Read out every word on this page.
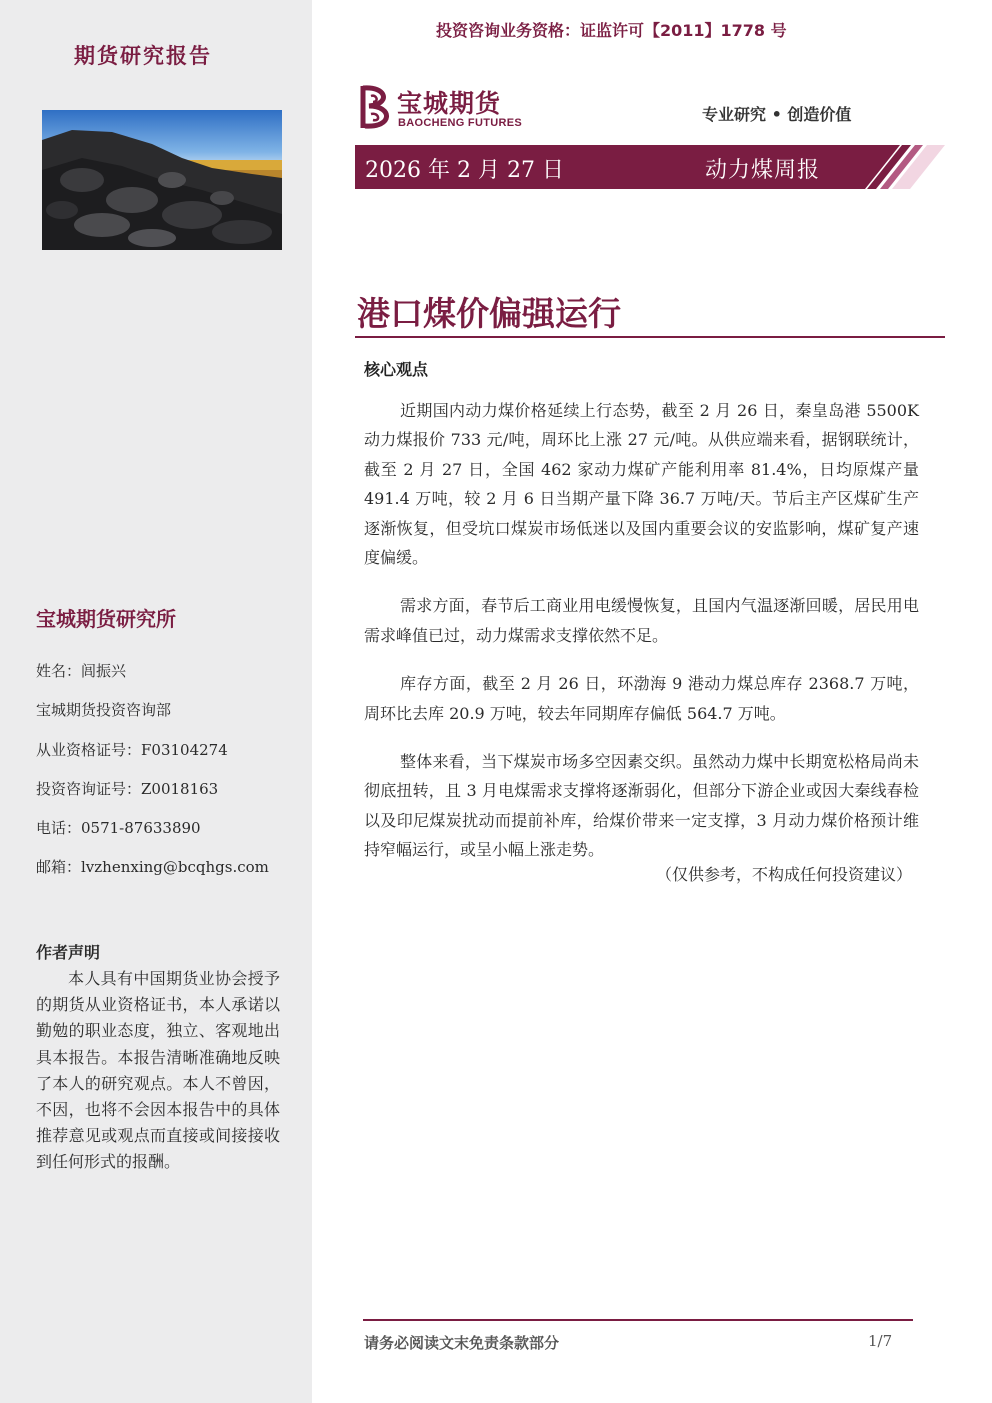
期货研究报告
宝城期货研究所
姓名：闾振兴
宝城期货投资咨询部
从业资格证号：F03104274
投资咨询证号：Z0018163
电话：0571-87633890
邮箱：lvzhenxing@bcqhgs.com
作者声明
本人具有中国期货业协会授予的期货从业资格证书，本人承诺以勤勉的职业态度，独立、客观地出具本报告。本报告清晰准确地反映了本人的研究观点。本人不曾因，不因，也将不会因本报告中的具体推荐意见或观点而直接或间接接收到任何形式的报酬。
投资咨询业务资格：证监许可【2011】1778 号
宝城期货
BAOCHENG FUTURES	专业研究 • 创造价值
2026 年 2 月 27 日	动力煤周报
港口煤价偏强运行
核心观点

近期国内动力煤价格延续上行态势，截至 2 月 26 日，秦皇岛港 5500K 动力煤报价 733 元/吨，周环比上涨 27 元/吨。从供应端来看，据钢联统计，截至 2 月 27 日，全国 462 家动力煤矿产能利用率 81.4%，日均原煤产量 491.4 万吨，较 2 月 6 日当期产量下降 36.7 万吨/天。节后主产区煤矿生产逐渐恢复，但受坑口煤炭市场低迷以及国内重要会议的安监影响，煤矿复产速度偏缓。

需求方面，春节后工商业用电缓慢恢复，且国内气温逐渐回暖，居民用电需求峰值已过，动力煤需求支撑依然不足。

库存方面，截至 2 月 26 日，环渤海 9 港动力煤总库存 2368.7 万吨，周环比去库 20.9 万吨，较去年同期库存偏低 564.7 万吨。

整体来看，当下煤炭市场多空因素交织。虽然动力煤中长期宽松格局尚未彻底扭转，且 3 月电煤需求支撑将逐渐弱化，但部分下游企业或因大秦线春检以及印尼煤炭扰动而提前补库，给煤价带来一定支撑，3 月动力煤价格预计维持窄幅运行，或呈小幅上涨走势。

（仅供参考，不构成任何投资建议）
请务必阅读文末免责条款部分	1/7
